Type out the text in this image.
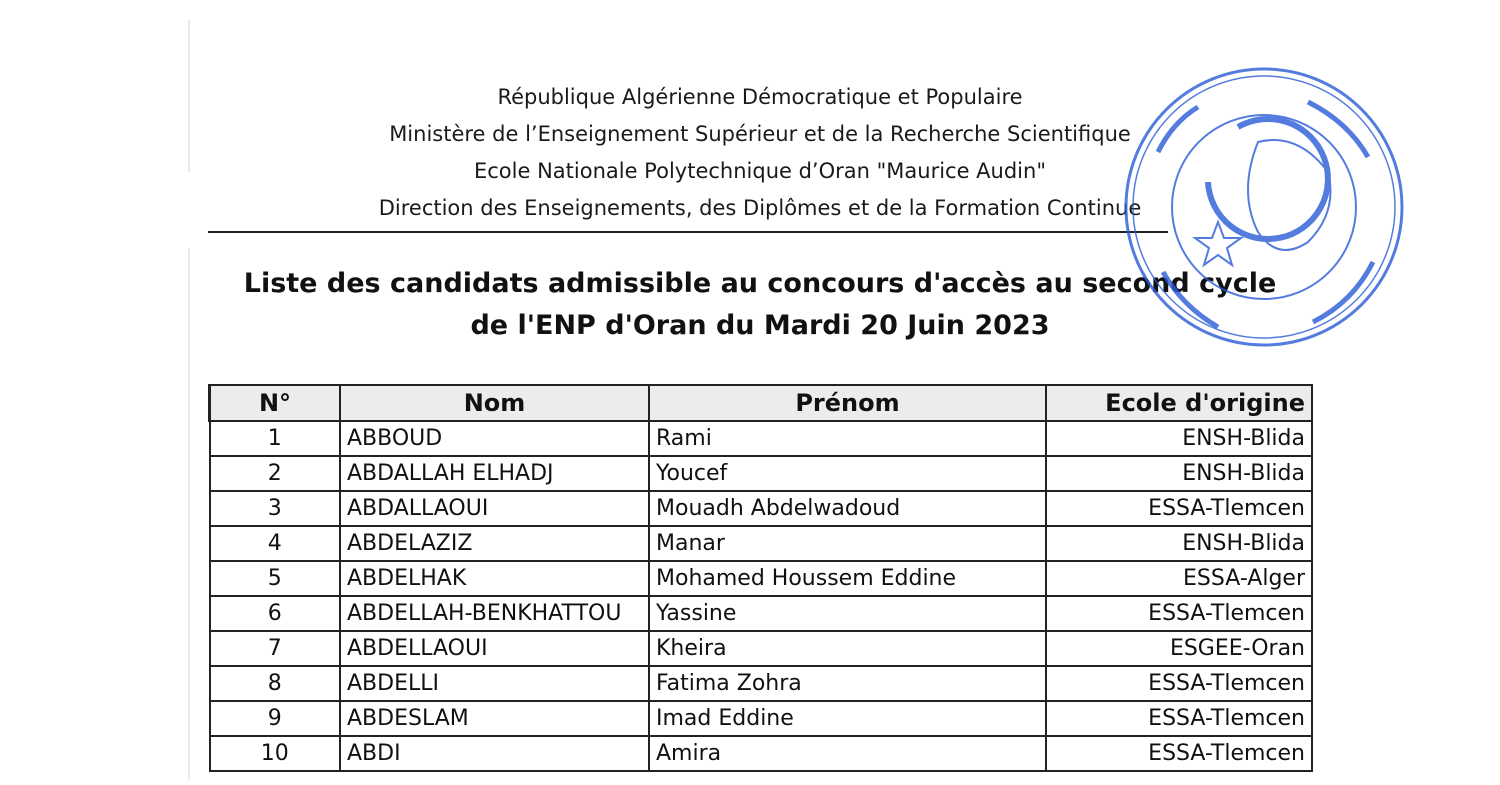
République Algérienne Démocratique et Populaire
Ministère de l’Enseignement Supérieur et de la Recherche Scientifique
Ecole Nationale Polytechnique d’Oran "Maurice Audin"
Direction des Enseignements, des Diplômes et de la Formation Continue
Liste des candidats admissible au concours d'accès au second cycle
de l'ENP d'Oran du Mardi 20 Juin 2023
N°	Nom	Prénom	Ecole d'origine
1	ABBOUD	Rami	ENSH-Blida
2	ABDALLAH ELHADJ	Youcef	ENSH-Blida
3	ABDALLAOUI	Mouadh Abdelwadoud	ESSA-Tlemcen
4	ABDELAZIZ	Manar	ENSH-Blida
5	ABDELHAK	Mohamed Houssem Eddine	ESSA-Alger
6	ABDELLAH-BENKHATTOU	Yassine	ESSA-Tlemcen
7	ABDELLAOUI	Kheira	ESGEE-Oran
8	ABDELLI	Fatima Zohra	ESSA-Tlemcen
9	ABDESLAM	Imad Eddine	ESSA-Tlemcen
10	ABDI	Amira	ESSA-Tlemcen
